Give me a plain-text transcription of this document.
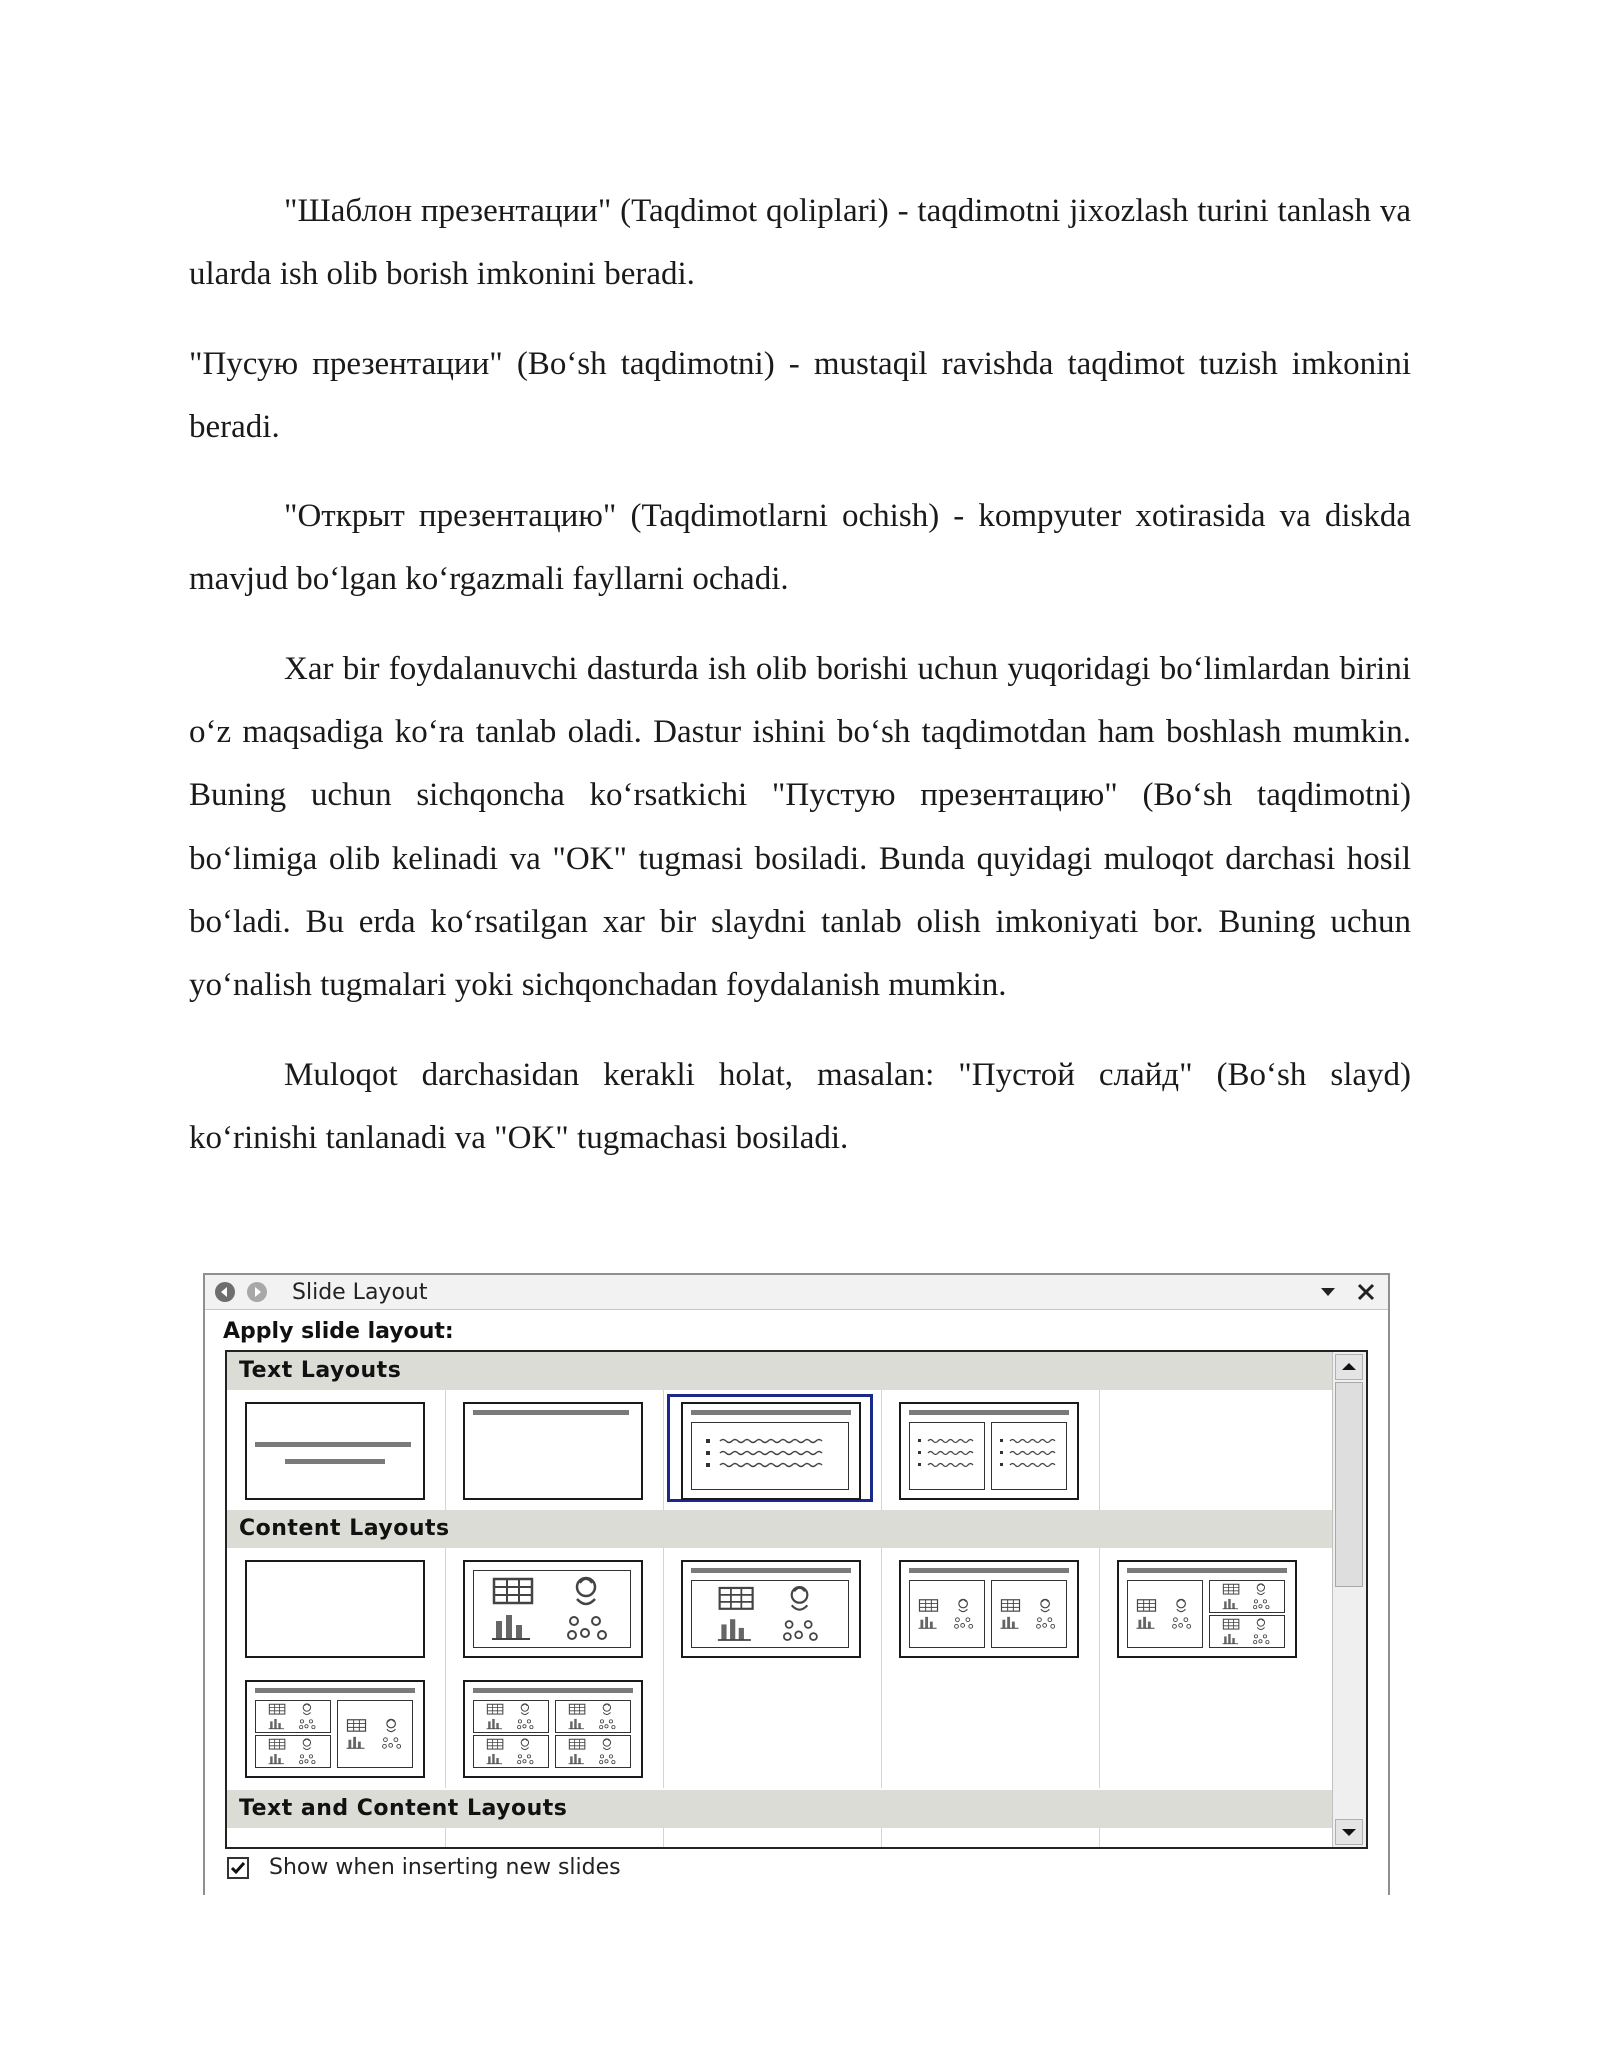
"Шаблон презентации" (Taqdimot qoliplari) - taqdimotni jixozlash turini tanlash va ularda ish olib borish imkonini beradi.

"Пусую презентации" (Bo‘sh taqdimotni) - mustaqil ravishda taqdimot tuzish imkonini beradi.

"Открыт презентацию" (Taqdimotlarni ochish) - kompyuter xotirasida va diskda mavjud bo‘lgan ko‘rgazmali fayllarni ochadi.

Xar bir foydalanuvchi dasturda ish olib borishi uchun yuqoridagi bo‘limlardan birini o‘z maqsadiga ko‘ra tanlab oladi. Dastur ishini bo‘sh taqdimotdan ham boshlash mumkin. Buning uchun sichqoncha ko‘rsatkichi "Пустую презентацию" (Bo‘sh taqdimotni) bo‘limiga olib kelinadi va "OK" tugmasi bosiladi. Bunda quyidagi muloqot darchasi hosil bo‘ladi. Bu erda ko‘rsatilgan xar bir slaydni tanlab olish imkoniyati bor. Buning uchun yo‘nalish tugmalari yoki sichqonchadan foydalanish mumkin.

Muloqot darchasidan kerakli holat, masalan: "Пустой слайд" (Bo‘sh slayd) ko‘rinishi tanlanadi va "OK" tugmachasi bosiladi.

Slide Layout
Apply slide layout:
Text Layouts
Content Layouts
Text and Content Layouts
Show when inserting new slides
